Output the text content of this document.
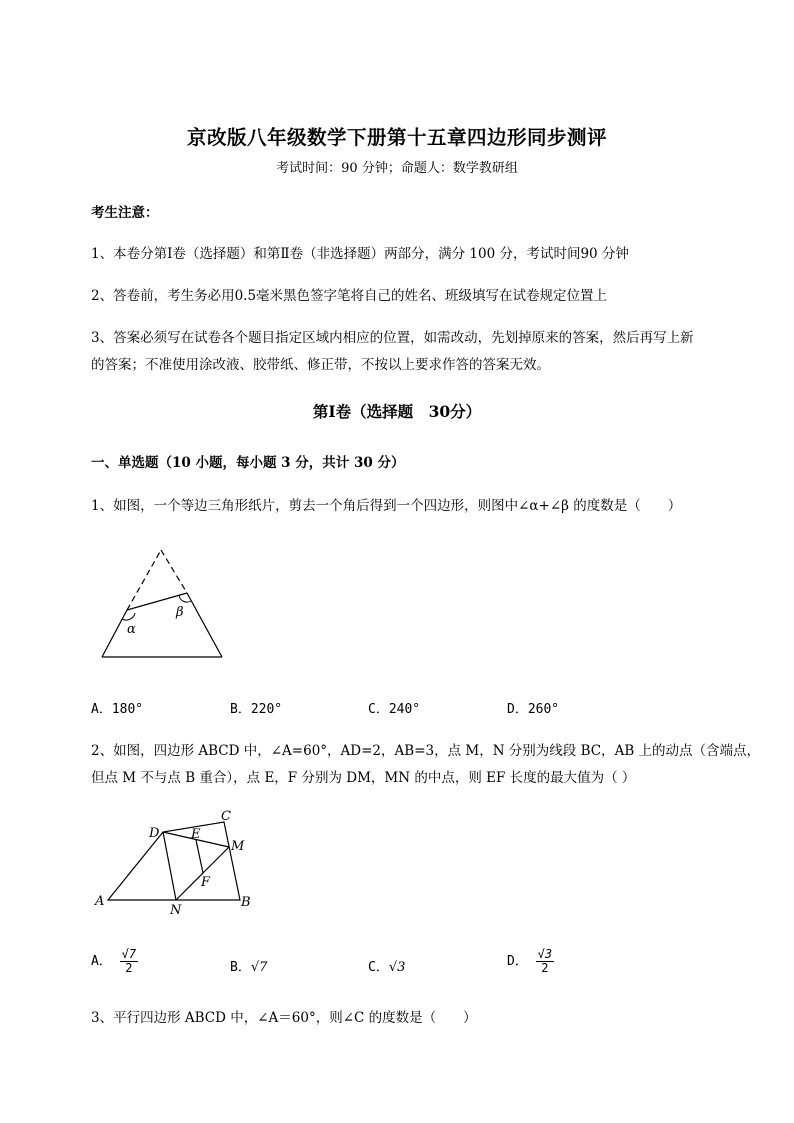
京改版八年级数学下册第十五章四边形同步测评
考试时间：90 分钟；命题人：数学教研组
考生注意：
1、本卷分第Ⅰ卷（选择题）和第Ⅱ卷（非选择题）两部分，满分 100 分，考试时间90 分钟
2、答卷前，考生务必用0.5毫米黑色签字笔将自己的姓名、班级填写在试卷规定位置上
3、答案必须写在试卷各个题目指定区域内相应的位置，如需改动，先划掉原来的答案，然后再写上新
的答案；不准使用涂改液、胶带纸、修正带，不按以上要求作答的答案无效。
第Ⅰ卷（选择题　30分）
一、单选题（10 小题，每小题 3 分，共计 30 分）
1、如图，一个等边三角形纸片，剪去一个角后得到一个四边形，则图中∠α+∠β 的度数是（　　）
α
β
A．180°	B．220°	C．240°	D．260°
2、如图，四边形 ABCD 中，∠A=60°，AD=2，AB=3，点 M，N 分别为线段 BC，AB 上的动点（含端点，
但点 M 不与点 B 重合），点 E，F 分别为 DM，MN 的中点，则 EF 长度的最大值为（ ）
A	B
C
D E
F
M
N
A． $\frac{√7}{2}$	B．√7	C．√3	D． $\frac{√3}{2}$
3、平行四边形 ABCD 中，∠A＝60°，则∠C 的度数是（　　）
